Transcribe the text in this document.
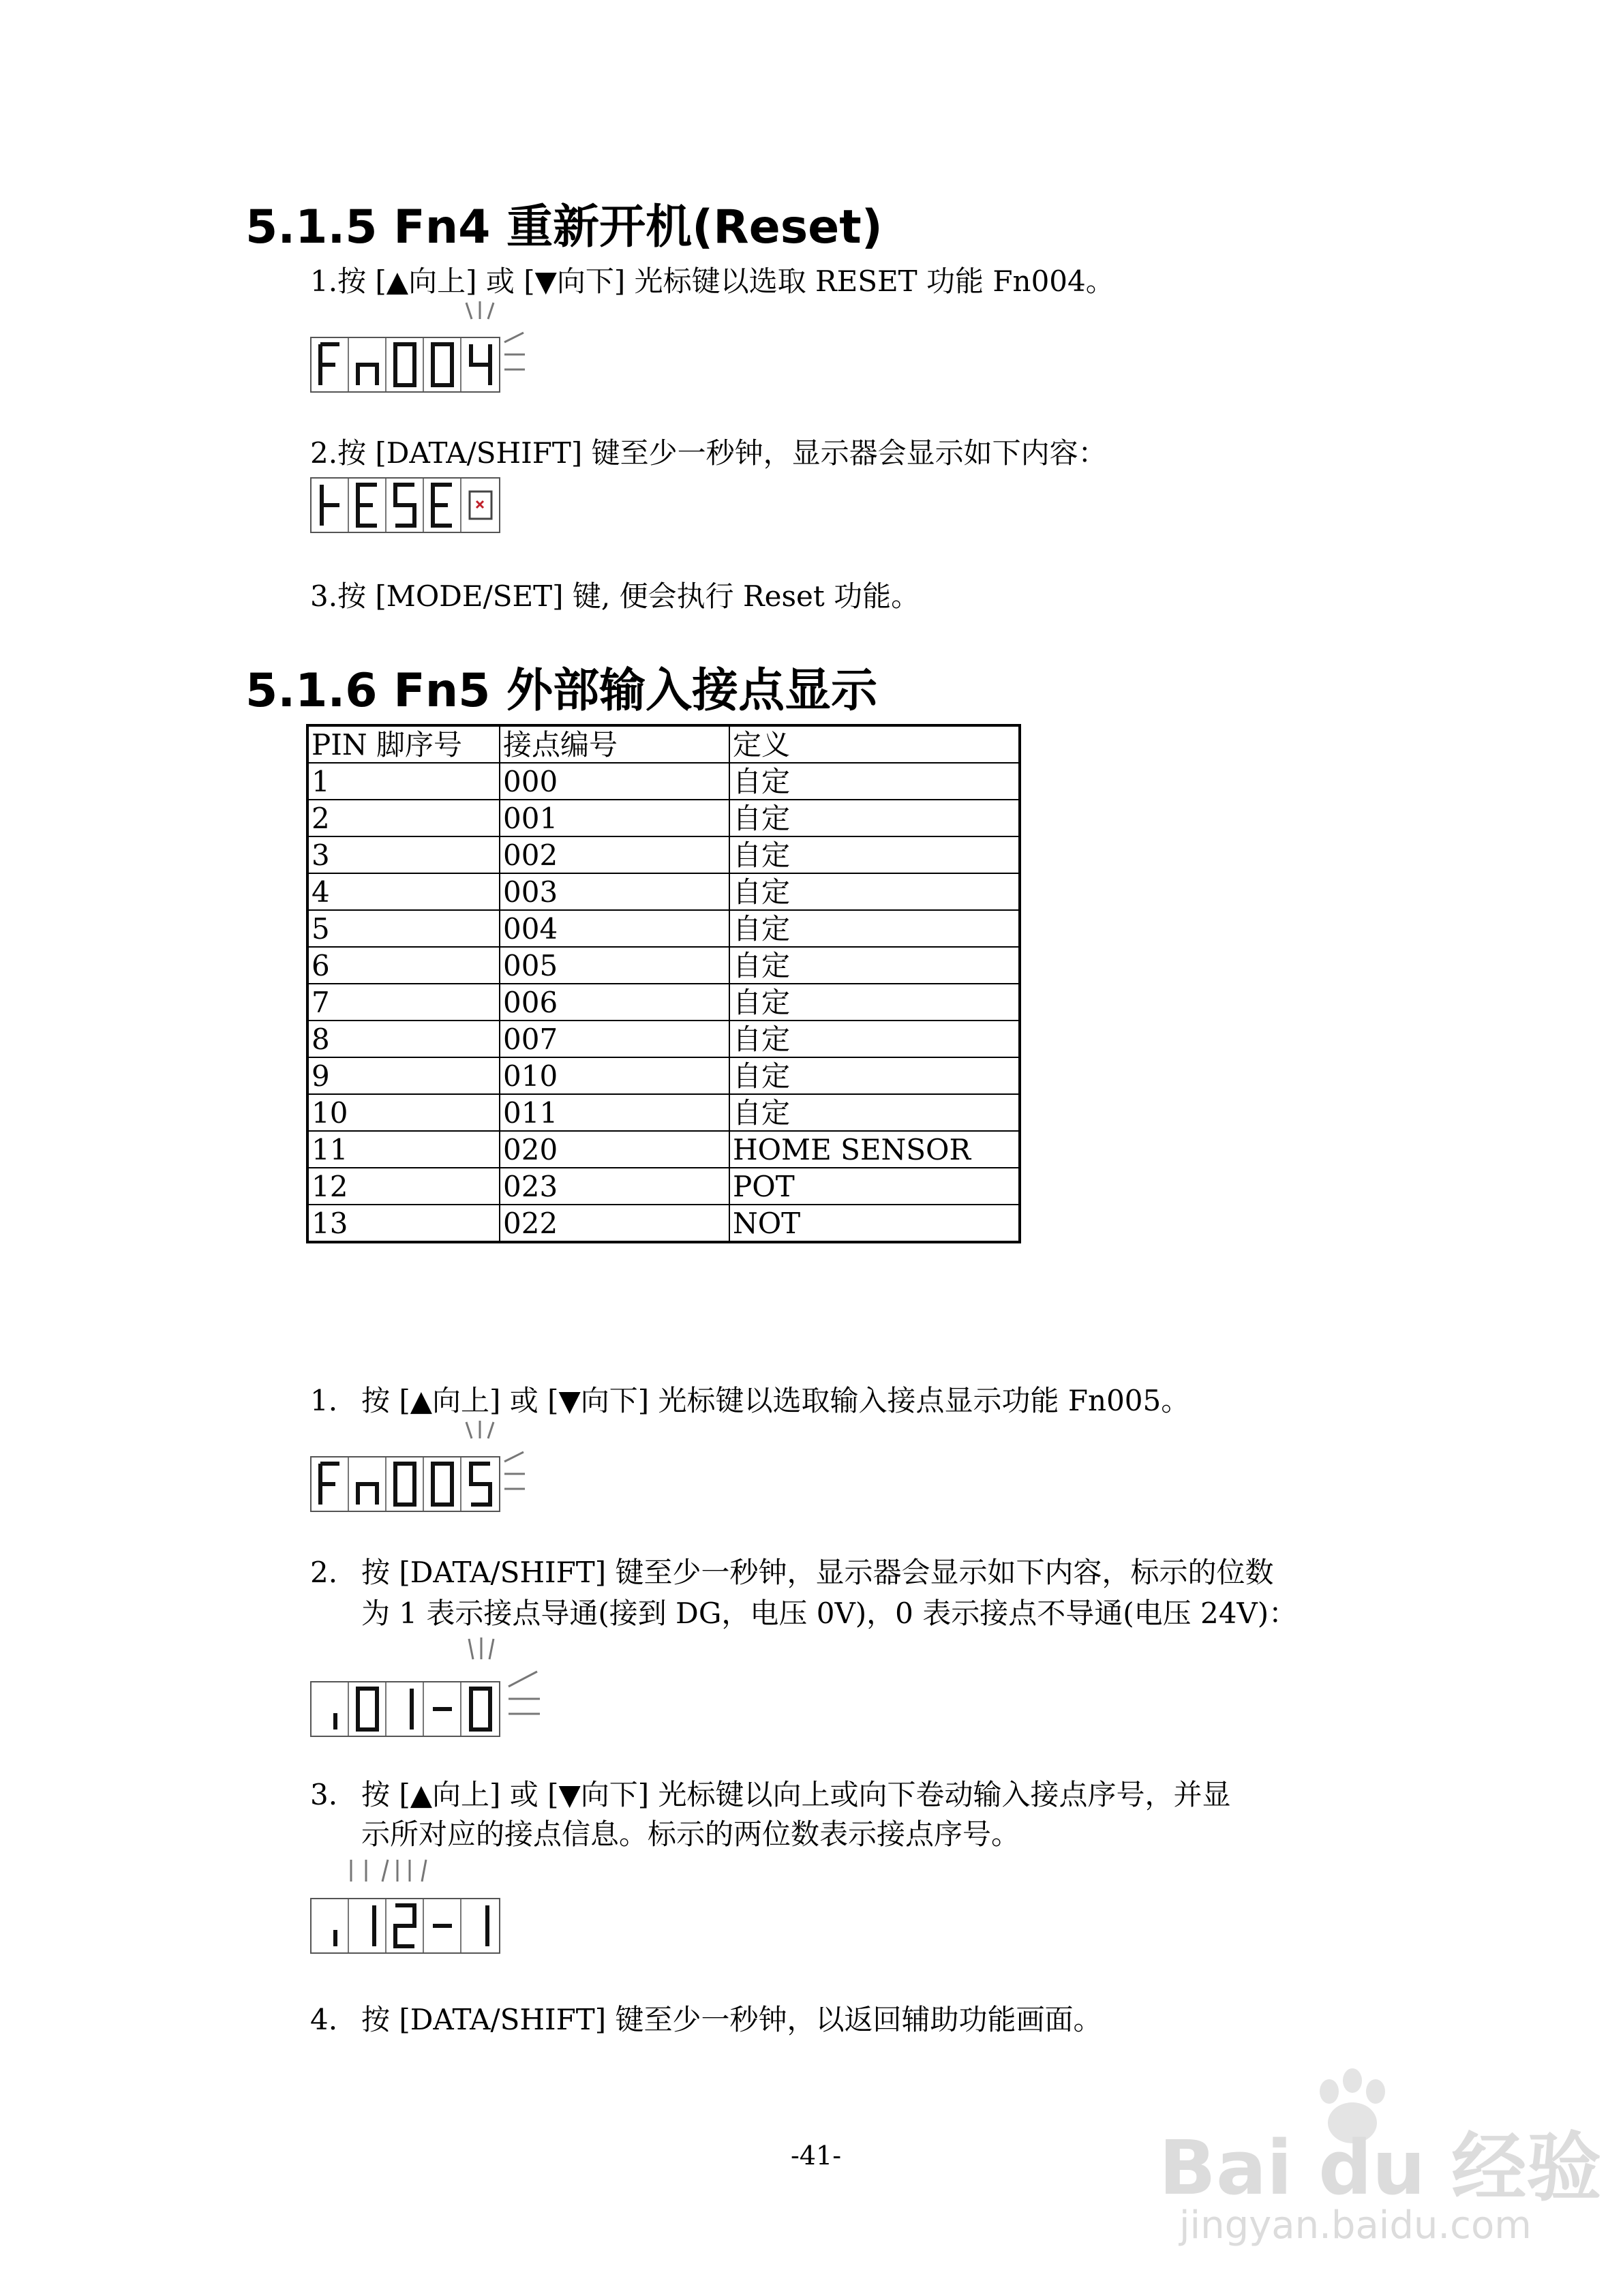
5.1.5 Fn4 重新开机(Reset)
1.按 [▲向上] 或 [▼向下] 光标键以选取 RESET 功能 Fn004。
2.按 [DATA/SHIFT] 键至少一秒钟，显示器会显示如下内容：
3.按 [MODE/SET] 键, 便会执行 Reset 功能。
5.1.6 Fn5 外部输入接点显示
PIN 脚序号	接点编号	定义
1	000	自定
2	001	自定
3	002	自定
4	003	自定
5	004	自定
6	005	自定
7	006	自定
8	007	自定
9	010	自定
10	011	自定
11	020	HOME SENSOR
12	023	POT
13	022	NOT
1. 按 [▲向上] 或 [▼向下] 光标键以选取输入接点显示功能 Fn005。
2. 按 [DATA/SHIFT] 键至少一秒钟，显示器会显示如下内容，标示的位数
为 1 表示接点导通(接到 DG，电压 0V)，0 表示接点不导通(电压 24V)：
3. 按 [▲向上] 或 [▼向下] 光标键以向上或向下卷动输入接点序号，并显
示所对应的接点信息。标示的两位数表示接点序号。
4. 按 [DATA/SHIFT] 键至少一秒钟，以返回辅助功能画面。
-41-	Bai du 经验
jingyan.baidu.com
